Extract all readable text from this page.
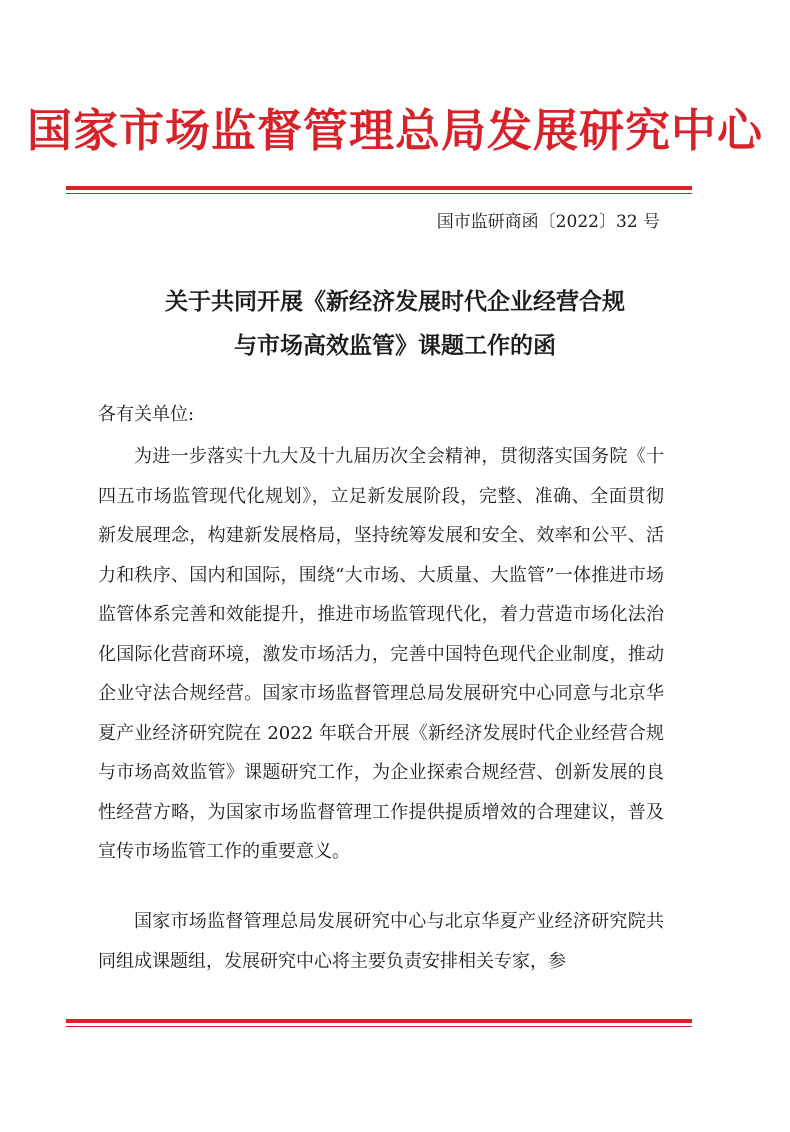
国家市场监督管理总局发展研究中心
国市监研商函〔2022〕32 号
关于共同开展《新经济发展时代企业经营合规
与市场高效监管》课题工作的函
各有关单位:

为进一步落实十九大及十九届历次全会精神，贯彻落实国务院《十四五市场监管现代化规划》，立足新发展阶段，完整、准确、全面贯彻新发展理念，构建新发展格局，坚持统筹发展和安全、效率和公平、活力和秩序、国内和国际，围绕“大市场、大质量、大监管”一体推进市场监管体系完善和效能提升，推进市场监管现代化，着力营造市场化法治化国际化营商环境，激发市场活力，完善中国特色现代企业制度，推动企业守法合规经营。国家市场监督管理总局发展研究中心同意与北京华夏产业经济研究院在 2022 年联合开展《新经济发展时代企业经营合规与市场高效监管》课题研究工作，为企业探索合规经营、创新发展的良性经营方略，为国家市场监督管理工作提供提质增效的合理建议，普及宣传市场监管工作的重要意义。

国家市场监督管理总局发展研究中心与北京华夏产业经济研究院共同组成课题组，发展研究中心将主要负责安排相关专家，参
